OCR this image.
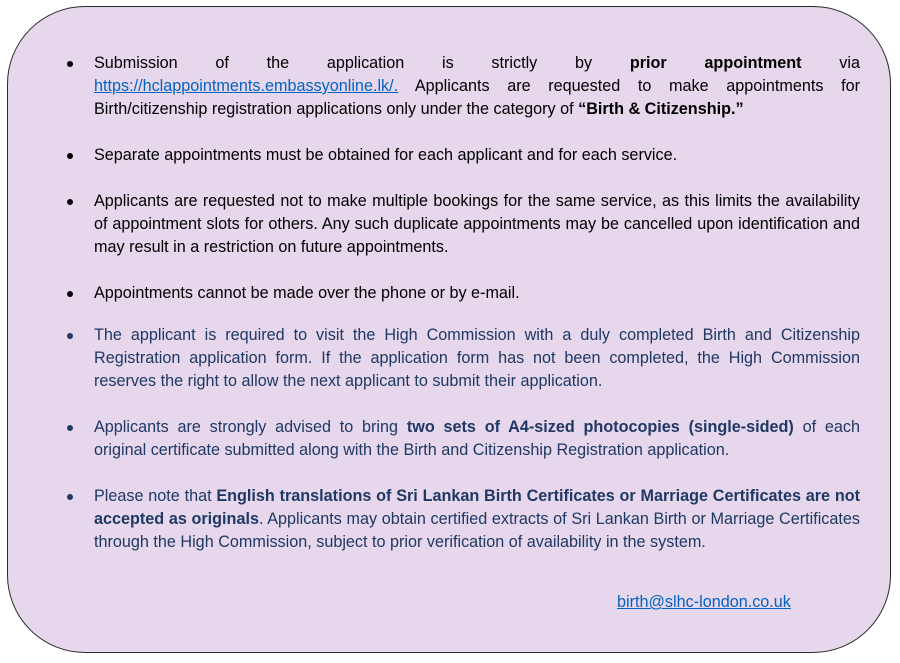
Submission of the application is strictly by prior appointment via https://hclappointments.embassyonline.lk/. Applicants are requested to make appointments for Birth/citizenship registration applications only under the category of “Birth & Citizenship.”
Separate appointments must be obtained for each applicant and for each service.
Applicants are requested not to make multiple bookings for the same service, as this limits the availability of appointment slots for others. Any such duplicate appointments may be cancelled upon identification and may result in a restriction on future appointments.
Appointments cannot be made over the phone or by e-mail.
The applicant is required to visit the High Commission with a duly completed Birth and Citizenship Registration application form. If the application form has not been completed, the High Commission reserves the right to allow the next applicant to submit their application.
Applicants are strongly advised to bring two sets of A4-sized photocopies (single-sided) of each original certificate submitted along with the Birth and Citizenship Registration application.
Please note that English translations of Sri Lankan Birth Certificates or Marriage Certificates are not accepted as originals. Applicants may obtain certified extracts of Sri Lankan Birth or Marriage Certificates through the High Commission, subject to prior verification of availability in the system.
birth@slhc-london.co.uk
